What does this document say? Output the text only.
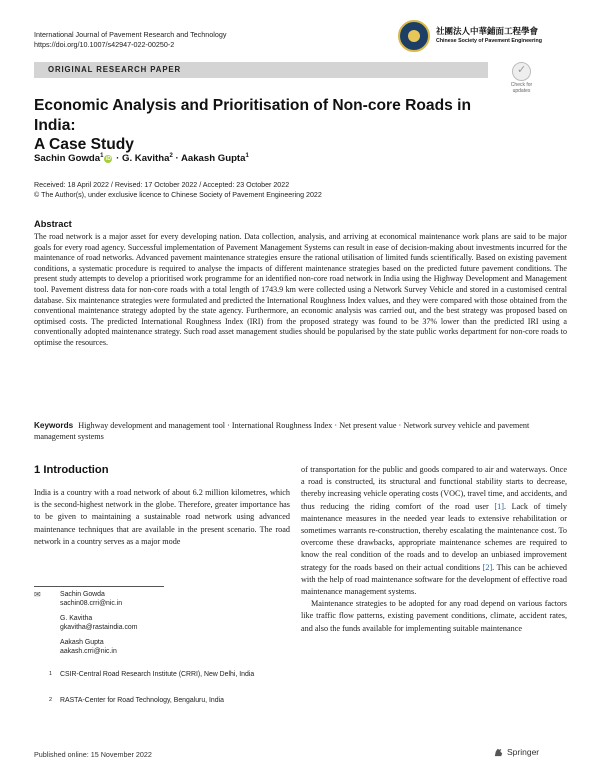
International Journal of Pavement Research and Technology
https://doi.org/10.1007/s42947-022-00250-2
社團法人中華鋪面工程學會
Chinese Society of Pavement Engineering
ORIGINAL RESEARCH PAPER	✓
Check for
updates
Economic Analysis and Prioritisation of Non-core Roads in India:
A Case Study
Sachin Gowda$^1$iD · G. Kavitha$^2$ · Aakash Gupta$^1$
Received: 18 April 2022 / Revised: 17 October 2022 / Accepted: 23 October 2022
© The Author(s), under exclusive licence to Chinese Society of Pavement Engineering 2022
Abstract
The road network is a major asset for every developing nation. Data collection, analysis, and arriving at economical maintenance work plans are said to be major goals for every road agency. Successful implementation of Pavement Management Systems can result in ease of decision-making about investments incurred for the maintenance of road networks. Advanced pavement maintenance strategies ensure the rational utilisation of limited funds scientifically. Based on existing pavement conditions, a systematic procedure is required to analyse the impacts of different maintenance strategies based on the predicted future pavement conditions. The present study attempts to develop a prioritised work programme for an identified non-core road network in India using the Highway Development and Management tool. Pavement distress data for non-core roads with a total length of 1743.9 km were collected using a Network Survey Vehicle and stored in a customised central database. Six maintenance strategies were formulated and predicted the International Roughness Index values, and they were compared with those obtained from the conventional maintenance strategy adopted by the state agency. Furthermore, an economic analysis was carried out, and the best strategy was proposed based on optimised costs. The predicted International Roughness Index (IRI) from the proposed strategy was found to be 37% lower than the predicted IRI using a conventionally adopted maintenance strategy. Such road asset management studies should be popularised by the state public works department for non-core roads to optimise the resources.
Keywords Highway development and management tool · International Roughness Index · Net present value · Network survey vehicle and pavement management systems
1 Introduction
India is a country with a road network of about 6.2 million kilometres, which is the second-highest network in the globe. Therefore, greater importance has to be given to maintaining a sustainable road network using advanced maintenance techniques that are available in the present scenario. The road network in a country serves as a major mode
of transportation for the public and goods compared to air and waterways. Once a road is constructed, its structural and functional stability starts to decrease, thereby increasing vehicle operating costs (VOC), travel time, and accidents, and thus reducing the riding comfort of the road user [1]. Lack of timely maintenance measures in the needed year leads to extensive rehabilitation or sometimes warrants re-construction, thereby escalating the maintenance cost. To overcome these drawbacks, appropriate maintenance schemes are required to know the real condition of the roads and to develop an unbiased improvement strategy for the roads based on their actual conditions [2]. This can be achieved with the help of road maintenance software for the development of effective road maintenance management systems.
Maintenance strategies to be adopted for any road depend on various factors like traffic flow patterns, existing pavement conditions, climate, accident rates, and also the funds available for implementing suitable maintenance
✉	Sachin Gowda
sachin08.crri@nic.in
G. Kavitha
gkavitha@rastaindia.com
Aakash Gupta
aakash.crri@nic.in
1 CSIR-Central Road Research Institute (CRRI), New Delhi, India
2 RASTA-Center for Road Technology, Bengaluru, India
Published online: 15 November 2022	Springer
